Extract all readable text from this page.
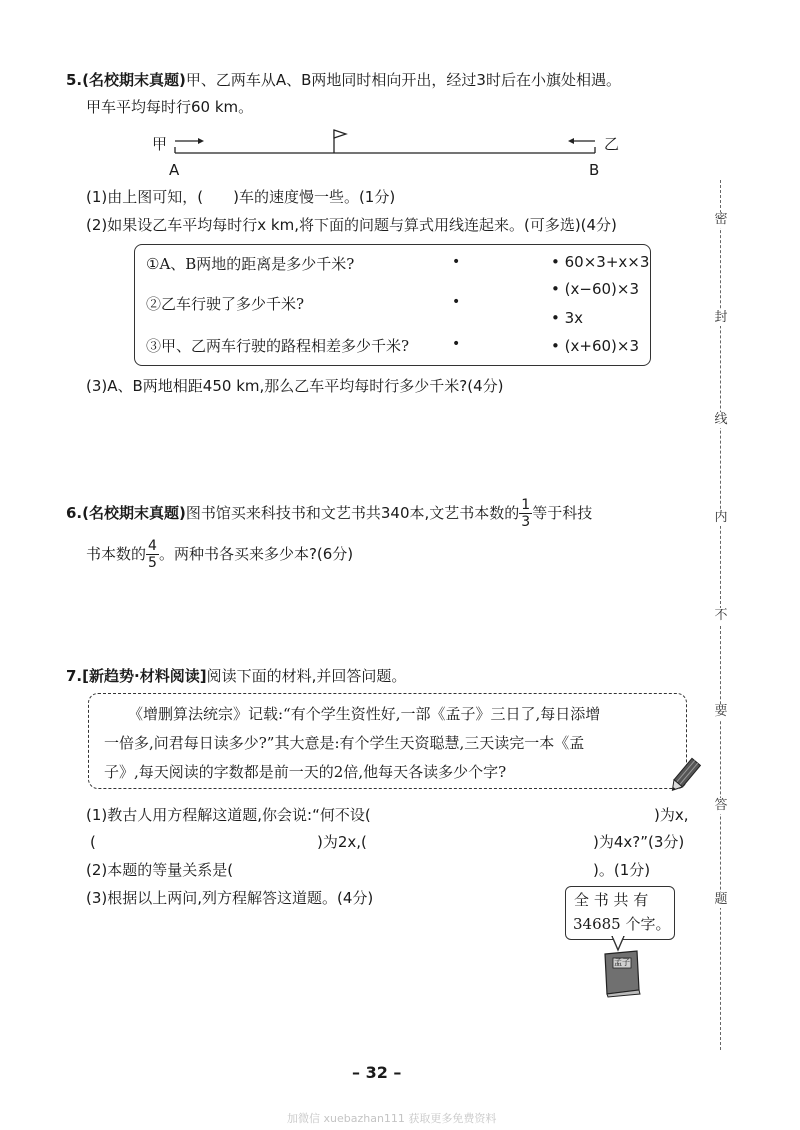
5.(名校期末真题)甲、乙两车从A、B两地同时相向开出，经过3时后在小旗处相遇。
甲车平均每时行60 km。
甲	乙
A	B
(1)由上图可知，(　　)车的速度慢一些。(1分)
(2)如果设乙车平均每时行x km,将下面的问题与算式用线连起来。(可多选)(4分)
①A、B两地的距离是多少千米?
②乙车行驶了多少千米?
③甲、乙两车行驶的路程相差多少千米?
•
•
•
• 60×3+x×3
• (x−60)×3
• 3x
• (x+60)×3
(3)A、B两地相距450 km,那么乙车平均每时行多少千米?(4分)
6.(名校期末真题)图书馆买来科技书和文艺书共340本,文艺书本数的 $\frac{1}{3}$ 等于科技
书本数的 $\frac{4}{5}$ 。两种书各买来多少本?(6分)
7.[新趋势·材料阅读]阅读下面的材料,并回答问题。
《增删算法统宗》记载:“有个学生资性好,一部《孟子》三日了,每日添增
一倍多,问君每日读多少?”其大意是:有个学生天资聪慧,三天读完一本《孟
子》,每天阅读的字数都是前一天的2倍,他每天各读多少个字?
(1)教古人用方程解这道题,你会说:“何不设(	)为x,
(	)为2x,(	)为4x?”(3分)
(2)本题的等量关系是(	)。(1分)
(3)根据以上两问,列方程解答这道题。(4分)	全 书 共 有
34685 个字。
孟子
– 32 –
加微信 xuebazhan111 获取更多免费资料
密
封
线
内
不
要
答
题
